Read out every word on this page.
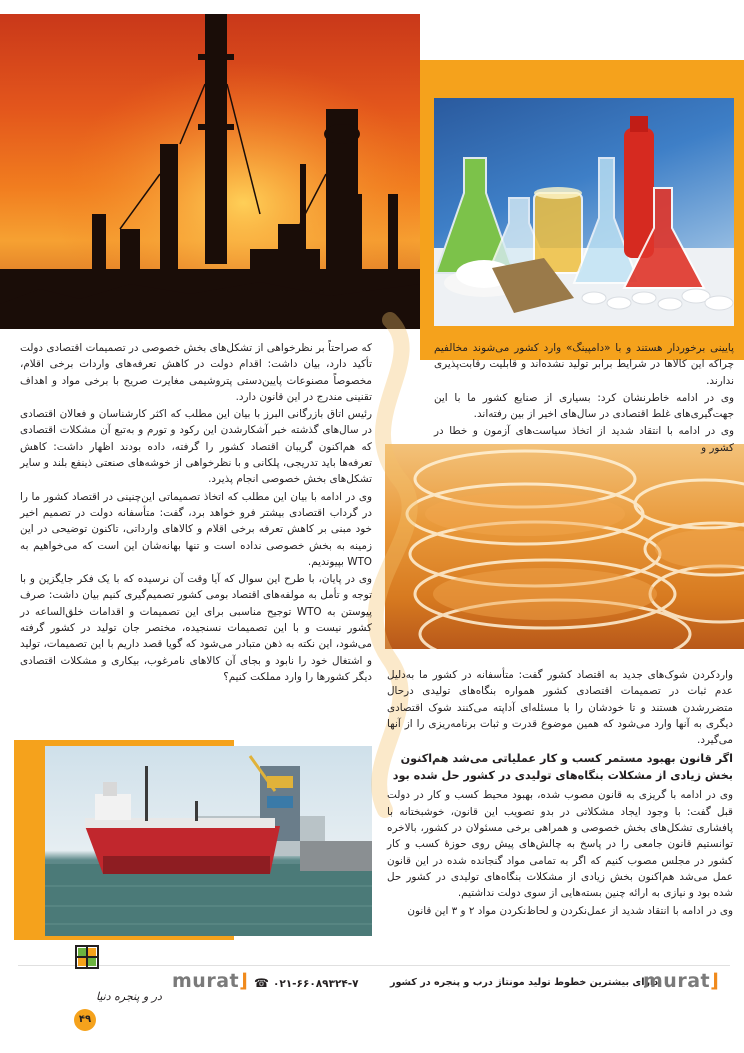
پایینی برخوردار هستند و با «دامپینگ» وارد کشور می‌شوند مخالفیم چراکه این کالاها در شرایط برابر تولید نشده‌اند و قابلیت رقابت‌پذیری ندارند.

وی در ادامه خاطرنشان کرد: بسیاری از صنایع کشور ما با این جهت‌گیری‌های غلط اقتصادی در سال‌های اخیر از بین رفته‌اند.

وی در ادامه با انتقاد شدید از اتخاذ سیاست‌های آزمون و خطا در کشور و

که صراحتاً بر نظرخواهی از تشکل‌های بخش خصوصی در تصمیمات اقتصادی دولت تأکید دارد، بیان داشت: اقدام دولت در کاهش تعرفه‌های واردات برخی اقلام، مخصوصاً مصنوعات پایین‌دستی پتروشیمی مغایرت صریح با برخی مواد و اهداف تقنینی مندرج در این قانون دارد.

رئیس اتاق بازرگانی البرز با بیان این مطلب که اکثر کارشناسان و فعالان اقتصادی در سال‌های گذشته خبر آشکارشدن این رکود و تورم و به‌تبع آن مشکلات اقتصادی که هم‌اکنون گریبان اقتصاد کشور را گرفته، داده بودند اظهار داشت: کاهش تعرفه‌ها باید تدریجی، پلکانی و با نظرخواهی از خوشه‌های صنعتی ذینفع بلند و سایر تشکل‌های بخش خصوصی انجام پذیرد.

وی در ادامه با بیان این مطلب که اتخاذ تصمیماتی این‌چنینی در اقتصاد کشور ما را در گرداب اقتصادی بیشتر فرو خواهد برد، گفت: متأسفانه دولت در تصمیم اخیر خود مبنی بر کاهش تعرفه برخی اقلام و کالاهای وارداتی، تاکنون توضیحی در این زمینه به بخش خصوصی نداده است و تنها بهانه‌شان این است که می‌خواهیم به WTO بپیوندیم.

وی در پایان، با طرح این سوال که آیا وقت آن نرسیده که با یک فکر جایگزین و با توجه و تأمل به مولفه‌های اقتصاد بومی کشور تصمیم‌گیری کنیم بیان داشت: صرف پیوستن به WTO توجیح مناسبی برای این تصمیمات و اقدامات خلق‌الساعه در کشور نیست و با این تصمیمات نسنجیده، مختصر جان تولید در کشور گرفته می‌شود، این نکته به ذهن متبادر می‌شود که گویا قصد داریم با این تصمیمات، تولید و اشتغال خود را نابود و بجای آن کالاهای نامرغوب، بیکاری و مشکلات اقتصادی دیگر کشورها را وارد مملکت کنیم؟ واردکردن شوک‌های جدید به اقتصاد کشور گفت: متأسفانه در کشور ما به‌دلیل عدم ثبات در تصمیمات اقتصادی کشور همواره بنگاه‌های تولیدی درحال متضررشدن هستند و تا خودشان را با مسئله‌ای آداپته می‌کنند شوک اقتصادی دیگری به آنها وارد می‌شود که همین موضوع قدرت و ثبات برنامه‌ریزی را از آنها می‌گیرد.

اگر قانون بهبود مستمر کسب و کار عملیاتی می‌شد هم‌اکنون بخش زیادی از مشکلات بنگاه‌های تولیدی در کشور حل شده بود

وی در ادامه با گریزی به قانون مصوب شده، بهبود محیط کسب و کار در دولت قبل گفت: با وجود ایجاد مشکلاتی در بدو تصویب این قانون، خوشبختانه با پافشاری تشکل‌های بخش خصوصی و همراهی برخی مسئولان در کشور، بالاخره توانستیم قانون جامعی را در پاسخ به چالش‌های پیش روی حوزهٔ کسب و کار کشور در مجلس مصوب کنیم که اگر به تمامی مواد گنجانده شده در این قانون عمل می‌شد هم‌اکنون بخش زیادی از مشکلات بنگاه‌های تولیدی در کشور حل شده بود و نیازی به ارائه چنین بسته‌هایی از سوی دولت نداشتیم.

وی در ادامه با انتقاد شدید از عمل‌نکردن و لحاظ‌نکردن مواد ۲ و ۳ این قانون

در و پنجره دنیا
۴۹
murat⌋ ☎ ۰۲۱-۶۶۰۸۹۳۲۴-۷	دارای بیشترین خطوط تولید مونتاژ درب و پنجره در کشور
murat⌋
